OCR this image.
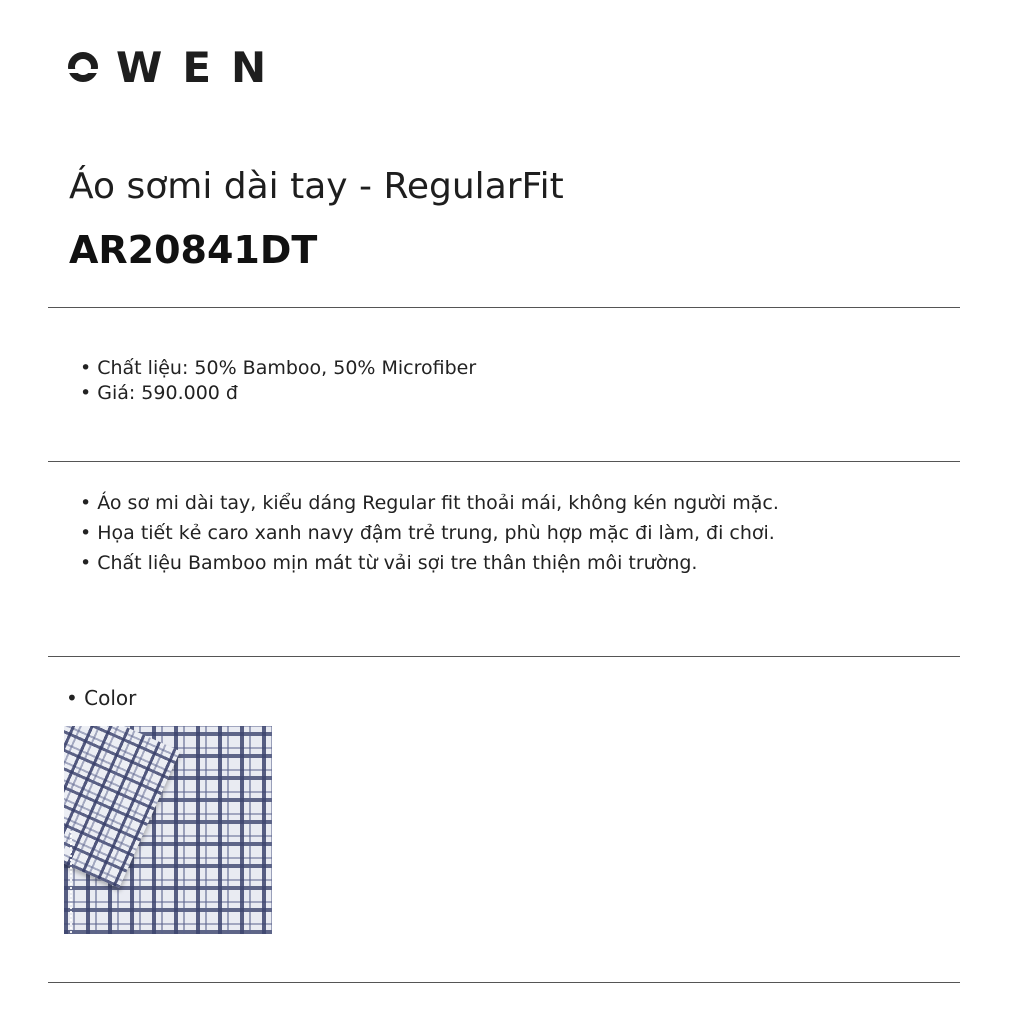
WEN
Áo sơmi dài tay - RegularFit
AR20841DT
• Chất liệu: 50% Bamboo, 50% Microfiber
• Giá: 590.000 đ
• Áo sơ mi dài tay, kiểu dáng Regular fit thoải mái, không kén người mặc.
• Họa tiết kẻ caro xanh navy đậm trẻ trung, phù hợp mặc đi làm, đi chơi.
• Chất liệu Bamboo mịn mát từ vải sợi tre thân thiện môi trường.
• Color
